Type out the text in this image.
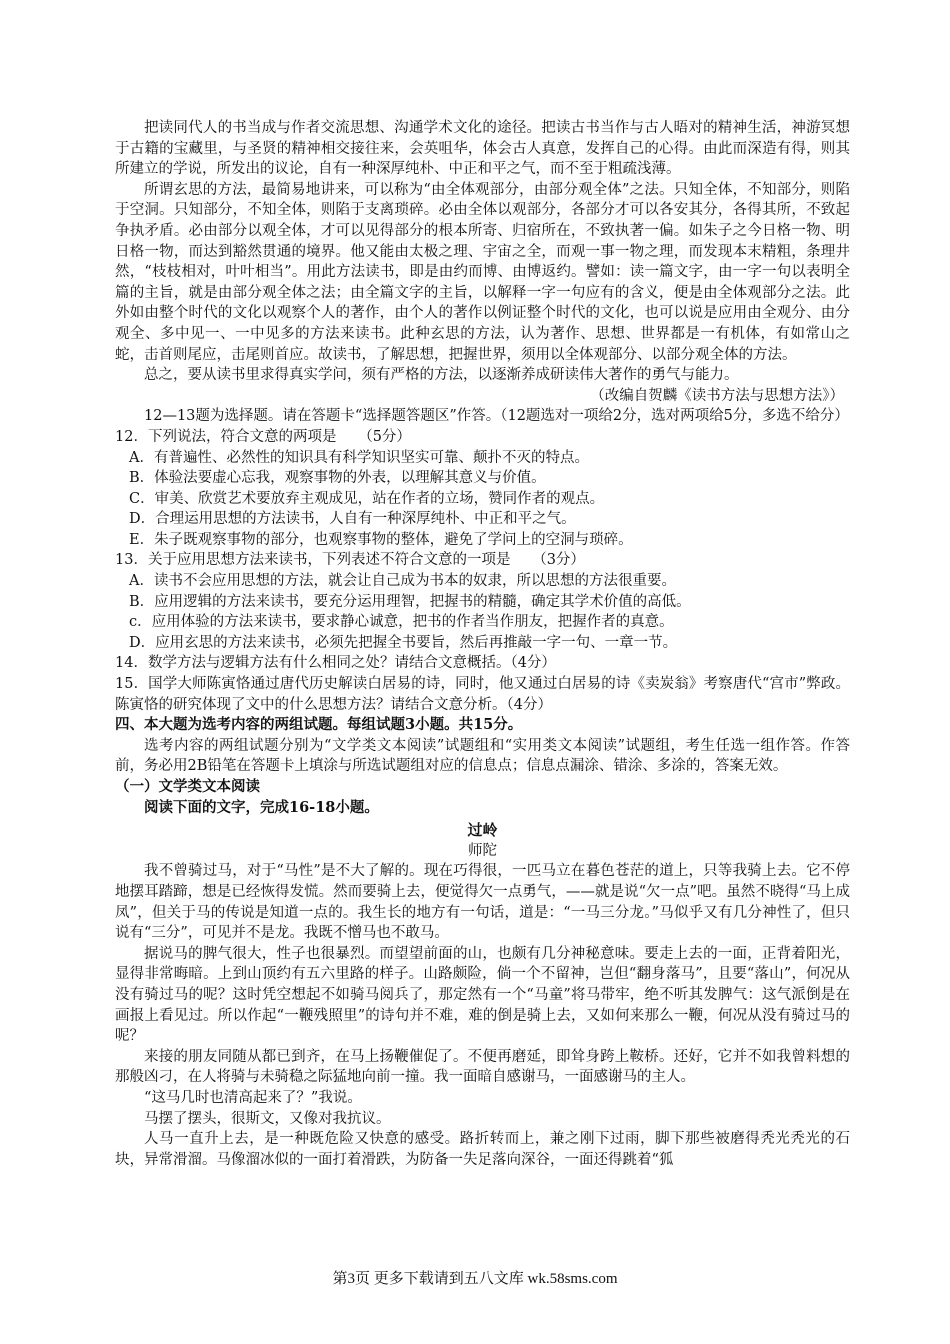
把读同代人的书当成与作者交流思想、沟通学术文化的途径。把读古书当作与古人晤对的精神生活，神游冥想于古籍的宝藏里，与圣贤的精神相交接往来，会英咀华，体会古人真意，发挥自己的心得。由此而深造有得，则其所建立的学说，所发出的议论，自有一种深厚纯朴、中正和平之气，而不至于粗疏浅薄。

所谓玄思的方法，最简易地讲来，可以称为“由全体观部分，由部分观全体”之法。只知全体，不知部分，则陷于空洞。只知部分，不知全体，则陷于支离琐碎。必由全体以观部分，各部分才可以各安其分，各得其所，不致起争执矛盾。必由部分以观全体，才可以见得部分的根本所寄、归宿所在，不致执著一偏。如朱子之今日格一物、明日格一物，而达到豁然贯通的境界。他又能由太极之理、宇宙之全，而观一事一物之理，而发现本末精粗，条理井然，“枝枝相对，叶叶相当”。用此方法读书，即是由约而博、由博返约。譬如：读一篇文字，由一字一句以表明全篇的主旨，就是由部分观全体之法；由全篇文字的主旨，以解释一字一句应有的含义，便是由全体观部分之法。此外如由整个时代的文化以观察个人的著作，由个人的著作以例证整个时代的文化，也可以说是应用由全观分、由分观全、多中见一、一中见多的方法来读书。此种玄思的方法，认为著作、思想、世界都是一有机体，有如常山之蛇，击首则尾应，击尾则首应。故读书，了解思想，把握世界，须用以全体观部分、以部分观全体的方法。

总之，要从读书里求得真实学问，须有严格的方法，以逐渐养成研读伟大著作的勇气与能力。

（改编自贺麟《读书方法与思想方法》）

12—13题为选择题。请在答题卡“选择题答题区”作答。（12题选对一项给2分，选对两项给5分，多选不给分）

12．下列说法，符合文意的两项是　　（5分）

A．有普遍性、必然性的知识具有科学知识坚实可靠、颠扑不灭的特点。

B．体验法要虚心忘我，观察事物的外表，以理解其意义与价值。

C．审美、欣赏艺术要放弃主观成见，站在作者的立场，赞同作者的观点。

D．合理运用思想的方法读书，人自有一种深厚纯朴、中正和平之气。

E．朱子既观察事物的部分，也观察事物的整体，避免了学问上的空洞与琐碎。

13．关于应用思想方法来读书，下列表述不符合文意的一项是　　（3分）

A．读书不会应用思想的方法，就会让自己成为书本的奴隶，所以思想的方法很重要。

B．应用逻辑的方法来读书，要充分运用理智，把握书的精髓，确定其学术价值的高低。

c．应用体验的方法来读书，要求静心诚意，把书的作者当作朋友，把握作者的真意。

D．应用玄思的方法来读书，必须先把握全书要旨，然后再推敲一字一句、一章一节。

14．数学方法与逻辑方法有什么相同之处？请结合文意概括。（4分）

15．国学大师陈寅恪通过唐代历史解读白居易的诗，同时，他又通过白居易的诗《卖炭翁》考察唐代“宫市”弊政。陈寅恪的研究体现了文中的什么思想方法？请结合文意分析。（4分）

四、本大题为选考内容的两组试题。每组试题3小题。共15分。

选考内容的两组试题分别为“文学类文本阅读”试题组和“实用类文本阅读”试题组，考生任选一组作答。作答前，务必用2B铅笔在答题卡上填涂与所选试题组对应的信息点；信息点漏涂、错涂、多涂的，答案无效。

（一）文学类文本阅读

阅读下面的文字，完成16-18小题。

过岭

师陀

我不曾骑过马，对于“马性”是不大了解的。现在巧得很，一匹马立在暮色苍茫的道上，只等我骑上去。它不停地摆耳踏蹄，想是已经恢得发慌。然而要骑上去，便觉得欠一点勇气，——就是说“欠一点”吧。虽然不晓得“马上成凤”，但关于马的传说是知道一点的。我生长的地方有一句话，道是：“一马三分龙。”马似乎又有几分神性了，但只说有“三分”，可见并不是龙。我既不憎马也不敢马。

据说马的脾气很大，性子也很暴烈。而望望前面的山，也颇有几分神秘意味。要走上去的一面，正背着阳光，显得非常晦暗。上到山顶约有五六里路的样子。山路颇险，倘一个不留神，岂但“翻身落马”，且要“落山”，何况从没有骑过马的呢？这时凭空想起不如骑马阅兵了，那定然有一个“马童”将马带牢，绝不听其发脾气：这气派倒是在画报上看见过。所以作起“一鞭残照里”的诗句并不难，难的倒是骑上去，又如何来那么一鞭，何况从没有骑过马的呢？

来接的朋友同随从都已到齐，在马上扬鞭催促了。不便再磨延，即耸身跨上鞍桥。还好，它并不如我曾料想的那般凶刁，在人将骑与未骑稳之际猛地向前一撞。我一面暗自感谢马，一面感谢马的主人。

“这马几时也清高起来了？”我说。

马摆了摆头，很斯文，又像对我抗议。

人马一直升上去，是一种既危险又快意的感受。路折转而上，兼之刚下过雨，脚下那些被磨得秃光秃光的石块，异常滑溜。马像溜冰似的一面打着滑跌，为防备一失足落向深谷，一面还得跳着“狐

第3页 更多下载请到五八文库 wk.58sms.com
